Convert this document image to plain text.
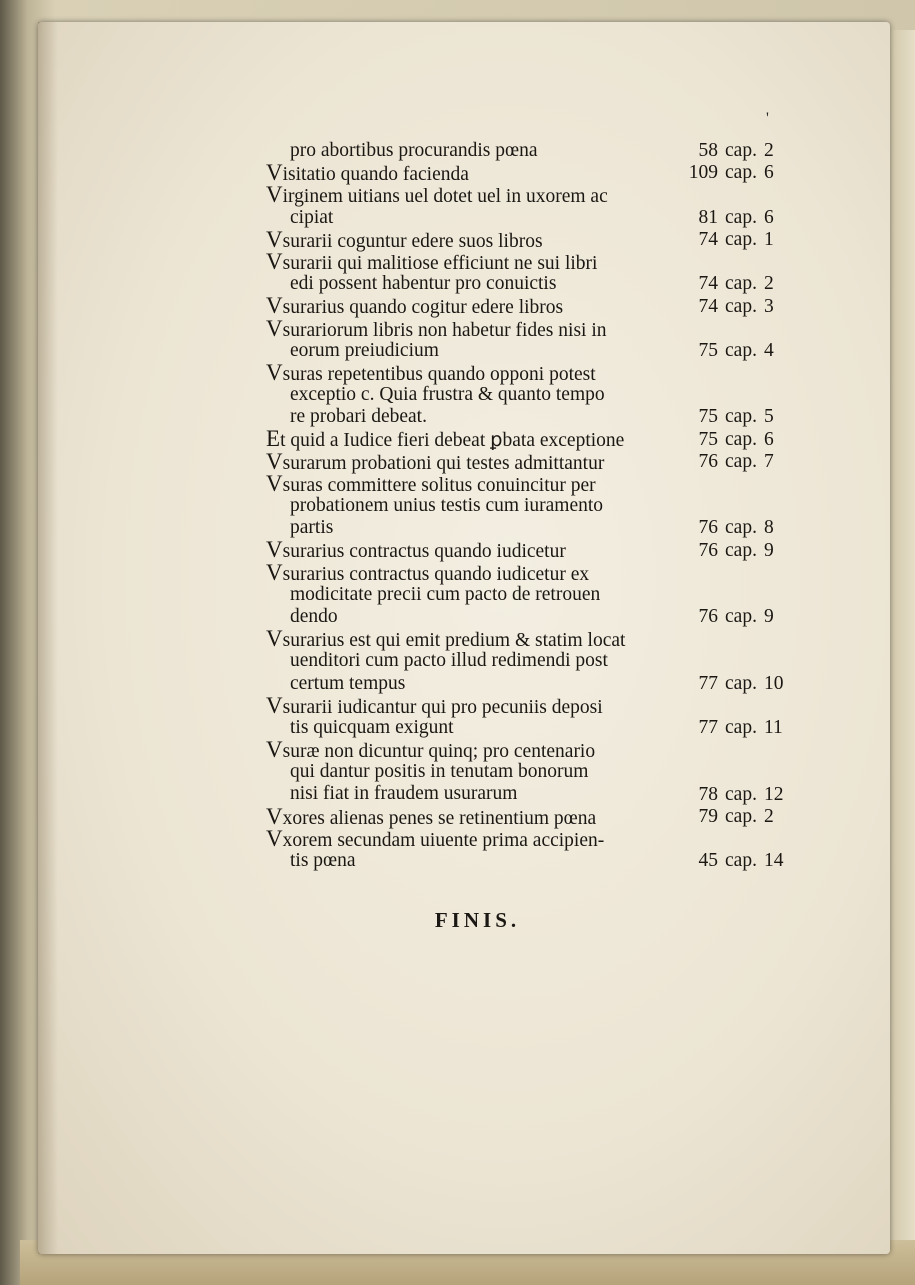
'
pro abortibus procurandis pœna	58 cap. 2
Visitatio quando facienda	109 cap. 6
Virginem uitians uel dotet uel in uxorem ac
cipiat	81 cap. 6
Vsurarii coguntur edere suos libros	74 cap. 1
Vsurarii qui malitiose efficiunt ne sui libri
edi possent habentur pro conuictis	74 cap. 2
Vsurarius quando cogitur edere libros	74 cap. 3
Vsurariorum libris non habetur fides nisi in
eorum preiudicium	75 cap. 4
Vsuras repetentibus quando opponi potest
exceptio c. Quia frustra & quanto tempo
re probari debeat.	75 cap. 5
Et quid a Iudice fieri debeat ꝑbata exceptione	75 cap. 6
Vsurarum probationi qui testes admittantur	76 cap. 7
Vsuras committere solitus conuincitur per
probationem unius testis cum iuramento
partis	76 cap. 8
Vsurarius contractus quando iudicetur	76 cap. 9
Vsurarius contractus quando iudicetur ex
modicitate precii cum pacto de retrouen
dendo	76 cap. 9
Vsurarius est qui emit predium & statim locat
uenditori cum pacto illud redimendi post
certum tempus	77 cap. 10
Vsurarii iudicantur qui pro pecuniis deposi
tis quicquam exigunt	77 cap. 11
Vsuræ non dicuntur quinq; pro centenario
qui dantur positis in tenutam bonorum
nisi fiat in fraudem usurarum	78 cap. 12
Vxores alienas penes se retinentium pœna	79 cap. 2
Vxorem secundam uiuente prima accipien-
tis pœna	45 cap. 14
FINIS.
